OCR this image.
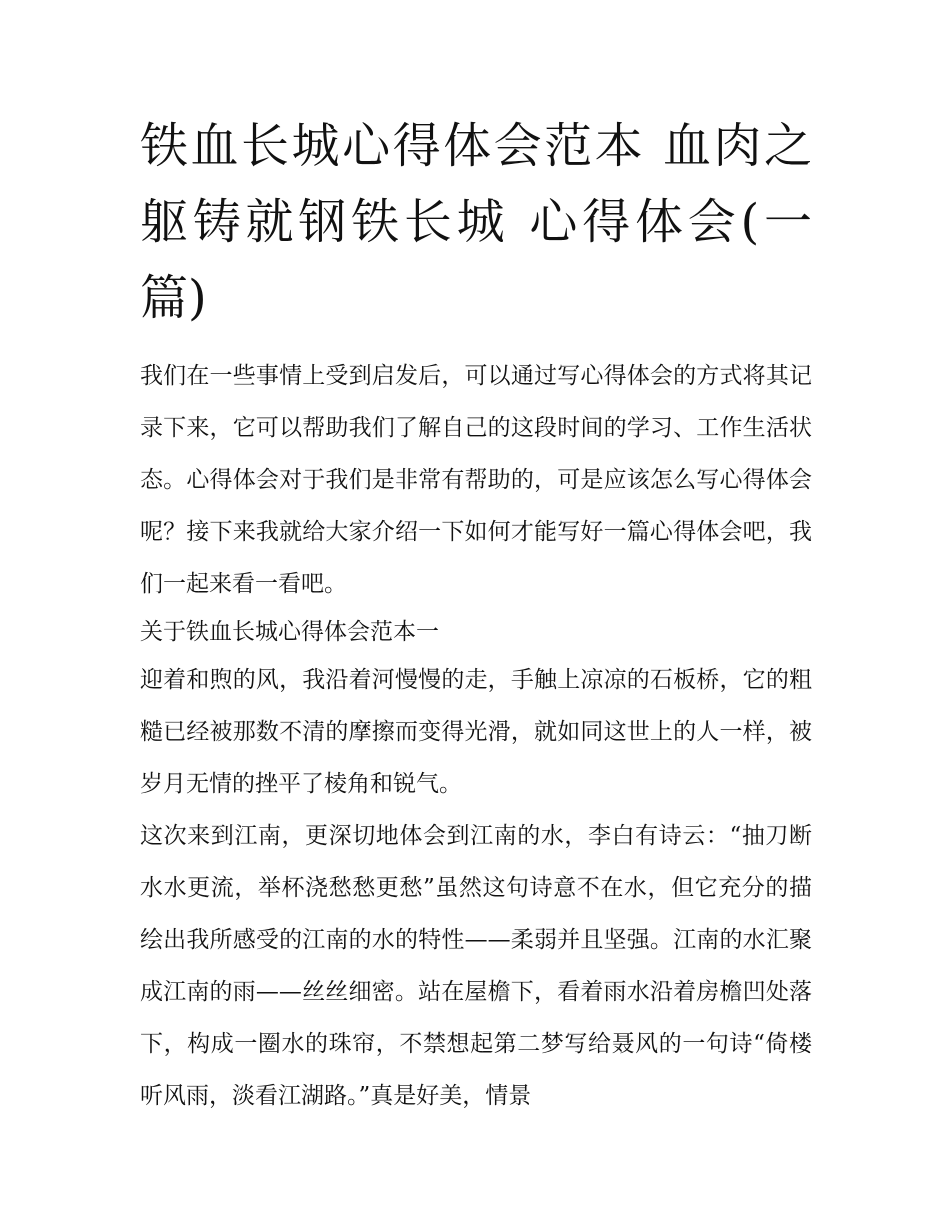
铁血长城心得体会范本 血肉之躯铸就钢铁长城 心得体会(一篇)

我们在一些事情上受到启发后，可以通过写心得体会的方式将其记录下来，它可以帮助我们了解自己的这段时间的学习、工作生活状态。心得体会对于我们是非常有帮助的，可是应该怎么写心得体会呢？接下来我就给大家介绍一下如何才能写好一篇心得体会吧，我们一起来看一看吧。

关于铁血长城心得体会范本一

迎着和煦的风，我沿着河慢慢的走，手触上凉凉的石板桥，它的粗糙已经被那数不清的摩擦而变得光滑，就如同这世上的人一样，被岁月无情的挫平了棱角和锐气。

这次来到江南，更深切地体会到江南的水，李白有诗云：“抽刀断水水更流，举杯浇愁愁更愁”虽然这句诗意不在水，但它充分的描绘出我所感受的江南的水的特性——柔弱并且坚强。江南的水汇聚成江南的雨——丝丝细密。站在屋檐下，看着雨水沿着房檐凹处落下，构成一圈水的珠帘，不禁想起第二梦写给聂风的一句诗“倚楼听风雨，淡看江湖路。”真是好美，情景
